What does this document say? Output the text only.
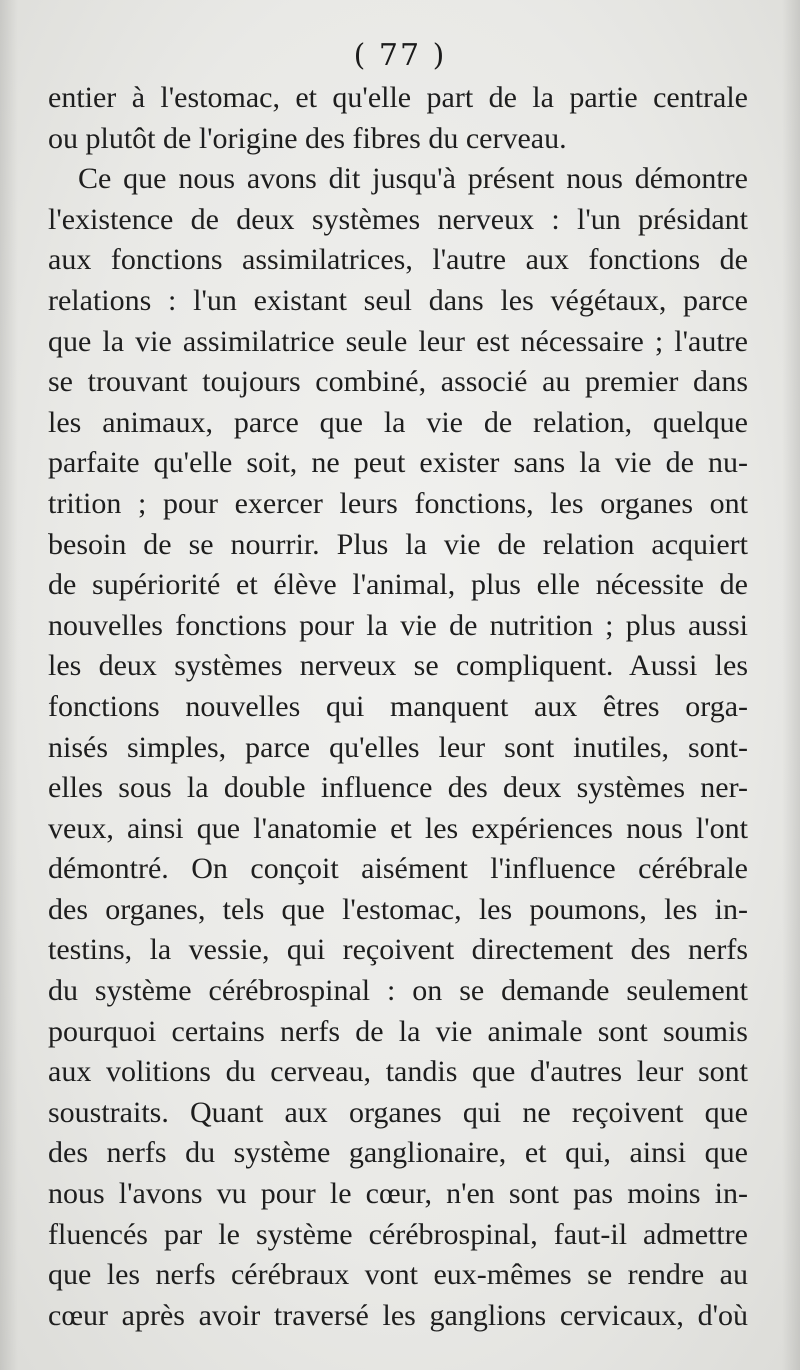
( 77 )
entier à l'estomac, et qu'elle part de la partie centrale
ou plutôt de l'origine des fibres du cerveau.
Ce que nous avons dit jusqu'à présent nous démontre
l'existence de deux systèmes nerveux : l'un présidant
aux fonctions assimilatrices, l'autre aux fonctions de
relations : l'un existant seul dans les végétaux, parce
que la vie assimilatrice seule leur est nécessaire ; l'autre
se trouvant toujours combiné, associé au premier dans
les animaux, parce que la vie de relation, quelque
parfaite qu'elle soit, ne peut exister sans la vie de nu-
trition ; pour exercer leurs fonctions, les organes ont
besoin de se nourrir. Plus la vie de relation acquiert
de supériorité et élève l'animal, plus elle nécessite de
nouvelles fonctions pour la vie de nutrition ; plus aussi
les deux systèmes nerveux se compliquent. Aussi les
fonctions nouvelles qui manquent aux êtres orga-
nisés simples, parce qu'elles leur sont inutiles, sont-
elles sous la double influence des deux systèmes ner-
veux, ainsi que l'anatomie et les expériences nous l'ont
démontré. On conçoit aisément l'influence cérébrale
des organes, tels que l'estomac, les poumons, les in-
testins, la vessie, qui reçoivent directement des nerfs
du système cérébrospinal : on se demande seulement
pourquoi certains nerfs de la vie animale sont soumis
aux volitions du cerveau, tandis que d'autres leur sont
soustraits. Quant aux organes qui ne reçoivent que
des nerfs du système ganglionaire, et qui, ainsi que
nous l'avons vu pour le cœur, n'en sont pas moins in-
fluencés par le système cérébrospinal, faut-il admettre
que les nerfs cérébraux vont eux-mêmes se rendre au
cœur après avoir traversé les ganglions cervicaux, d'où
